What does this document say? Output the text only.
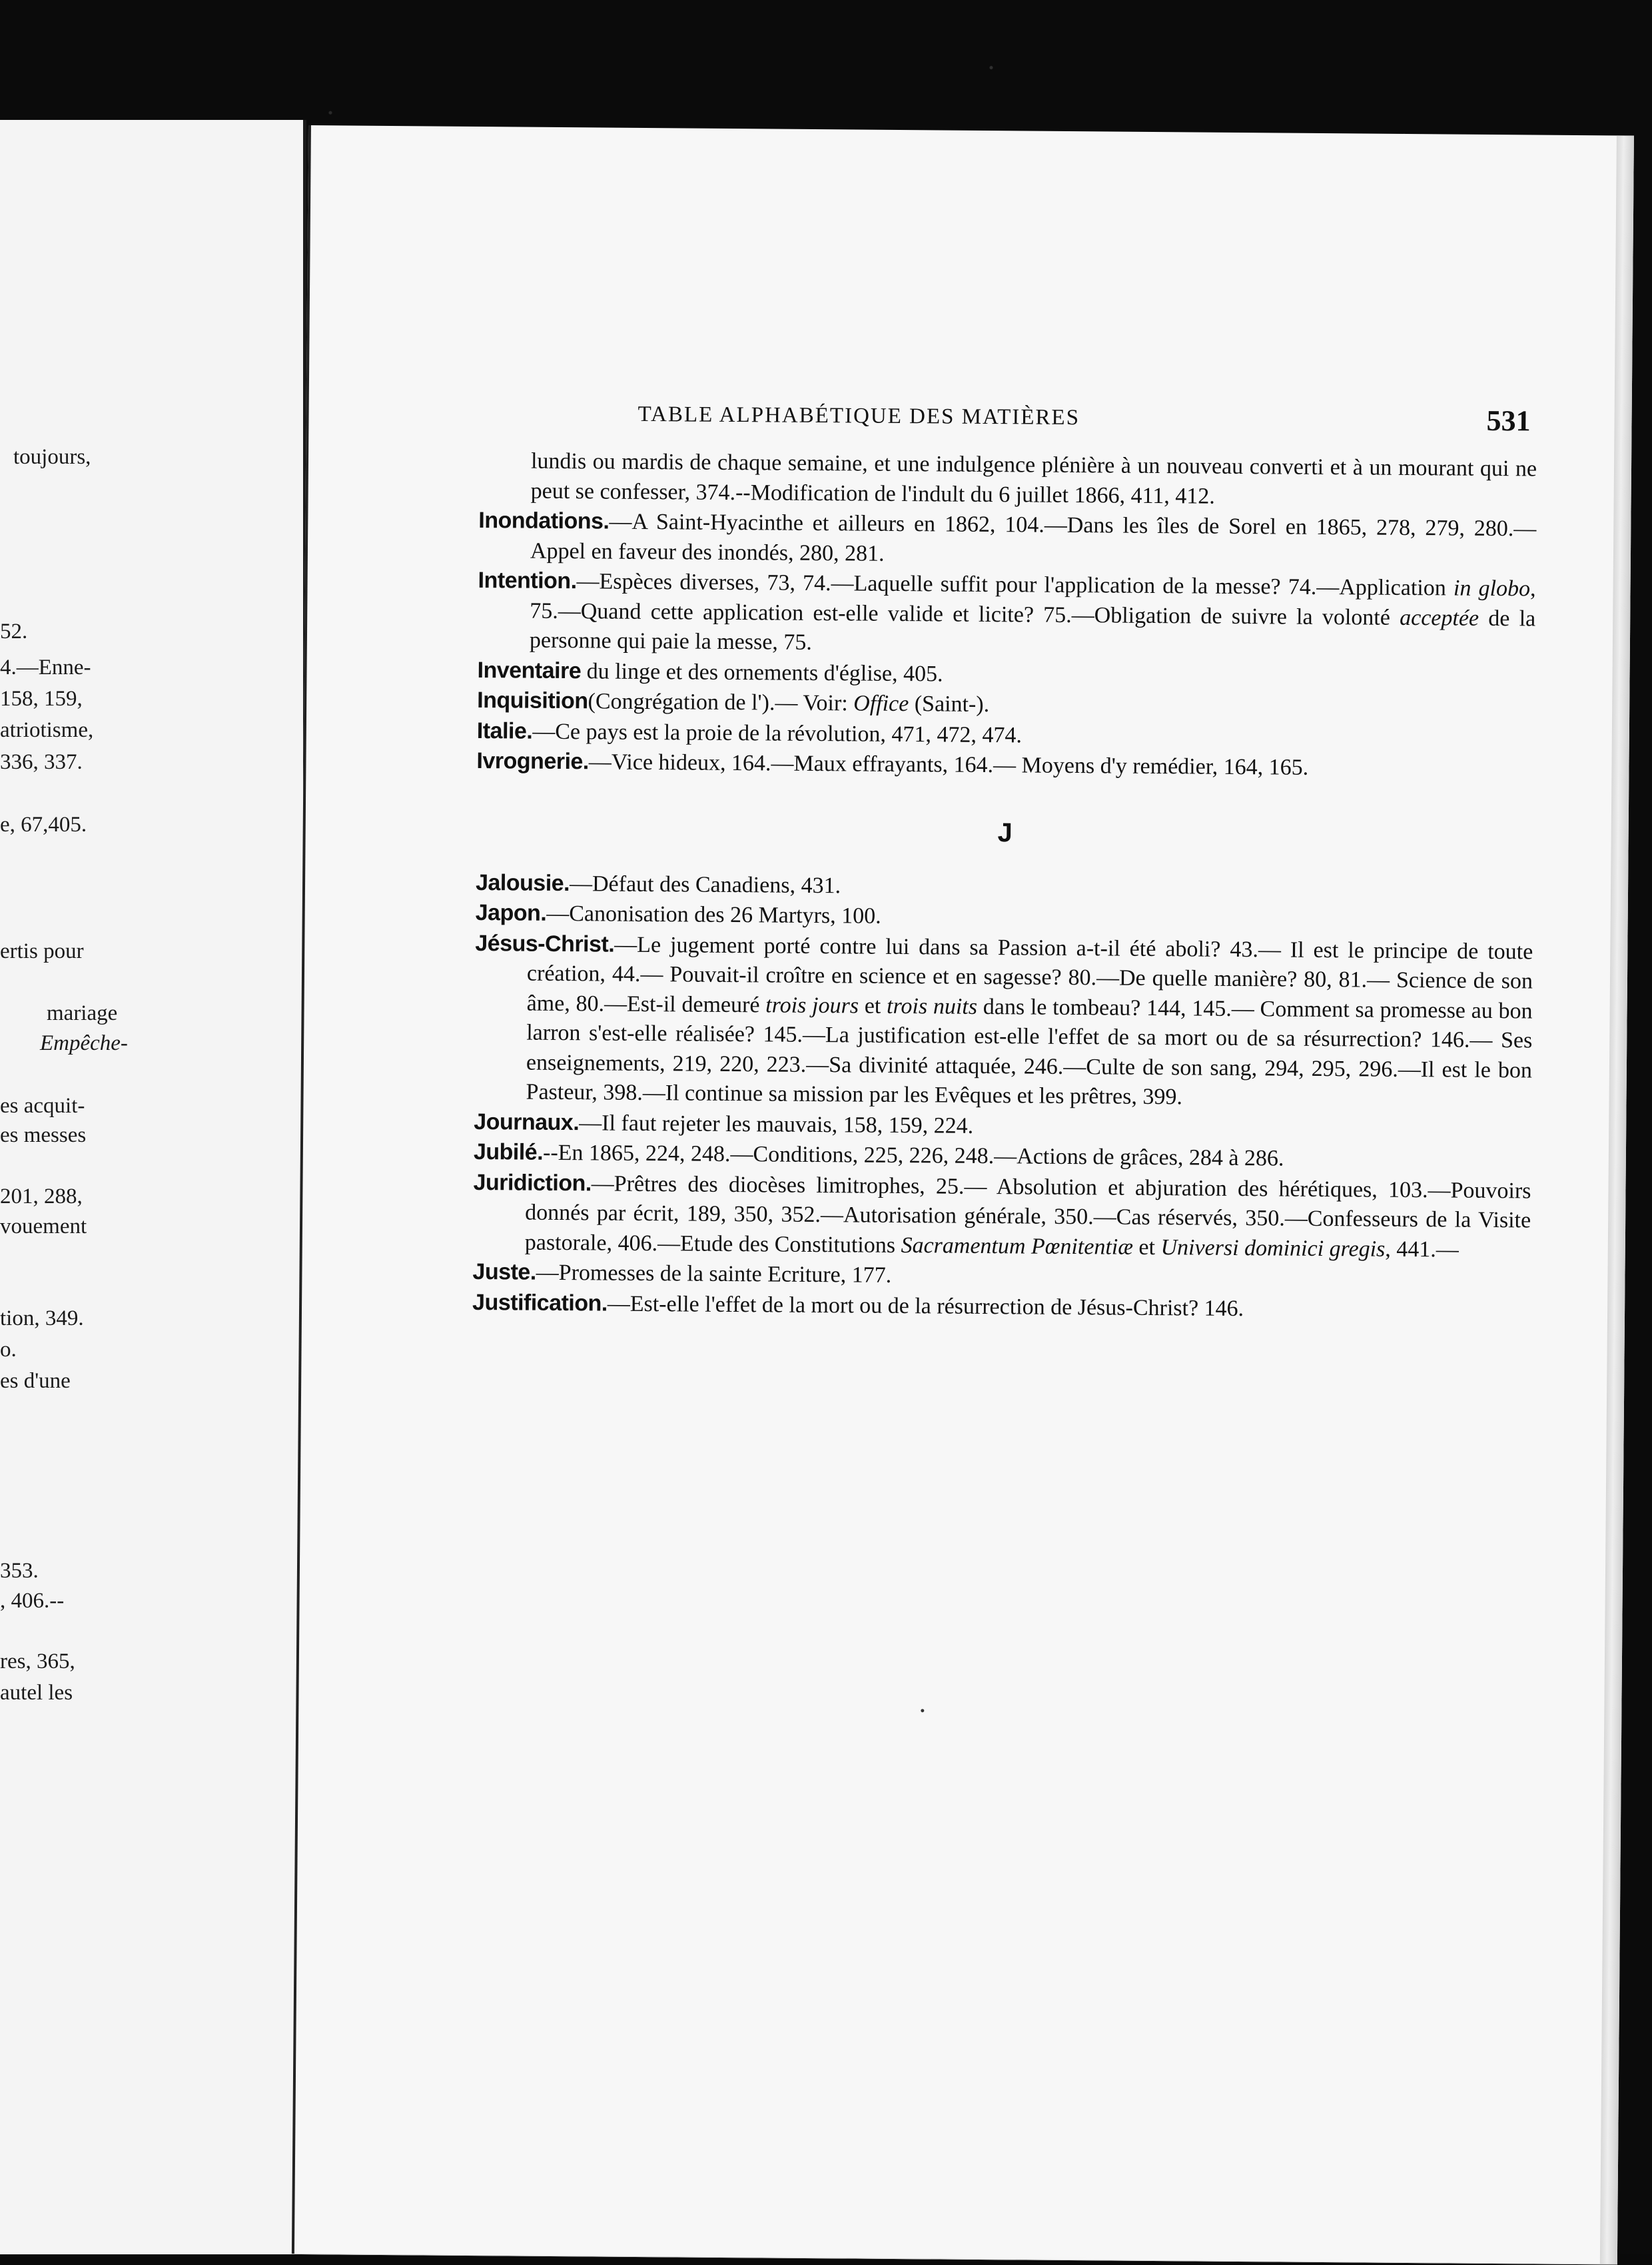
toujours,
52.
4.—Enne-
158, 159,
atriotisme,
336, 337.
e, 67,405.
ertis pour
mariage
Empêche-
es acquit-
es messes
201, 288,
vouement
tion, 349.
o.
es d'une
353.
, 406.--
res, 365,
autel les
TABLE ALPHABÉTIQUE DES MATIÈRES	531

lundis ou mardis de chaque semaine, et une indulgence plénière à un nouveau converti et à un mourant qui ne peut se confesser, 374.--Modification de l'indult du 6 juillet 1866, 411, 412.

Inondations.—A Saint-Hyacinthe et ailleurs en 1862, 104.—Dans les îles de Sorel en 1865, 278, 279, 280.—Appel en faveur des inondés, 280, 281.

Intention.—Espèces diverses, 73, 74.—Laquelle suffit pour l'application de la messe? 74.—Application in globo, 75.—Quand cette application est-elle valide et licite? 75.—Obligation de suivre la volonté acceptée de la personne qui paie la messe, 75.

Inventaire du linge et des ornements d'église, 405.

Inquisition(Congrégation de l').— Voir: Office (Saint-).

Italie.—Ce pays est la proie de la révolution, 471, 472, 474.

Ivrognerie.—Vice hideux, 164.—Maux effrayants, 164.— Moyens d'y remédier, 164, 165.

J

Jalousie.—Défaut des Canadiens, 431.

Japon.—Canonisation des 26 Martyrs, 100.

Jésus-Christ.—Le jugement porté contre lui dans sa Passion a-t-il été aboli? 43.— Il est le principe de toute création, 44.— Pouvait-il croître en science et en sagesse? 80.—De quelle manière? 80, 81.— Science de son âme, 80.—Est-il demeuré trois jours et trois nuits dans le tombeau? 144, 145.— Comment sa promesse au bon larron s'est-elle réalisée? 145.—La justification est-elle l'effet de sa mort ou de sa résurrection? 146.— Ses enseignements, 219, 220, 223.—Sa divinité attaquée, 246.—Culte de son sang, 294, 295, 296.—Il est le bon Pasteur, 398.—Il continue sa mission par les Evêques et les prêtres, 399.

Journaux.—Il faut rejeter les mauvais, 158, 159, 224.

Jubilé.--En 1865, 224, 248.—Conditions, 225, 226, 248.—Actions de grâces, 284 à 286.

Juridiction.—Prêtres des diocèses limitrophes, 25.— Absolution et abjuration des hérétiques, 103.—Pouvoirs donnés par écrit, 189, 350, 352.—Autorisation générale, 350.—Cas réservés, 350.—Confesseurs de la Visite pastorale, 406.—Etude des Constitutions Sacramentum Pœnitentiæ et Universi dominici gregis, 441.—

Juste.—Promesses de la sainte Ecriture, 177.

Justification.—Est-elle l'effet de la mort ou de la résurrection de Jésus-Christ? 146.
